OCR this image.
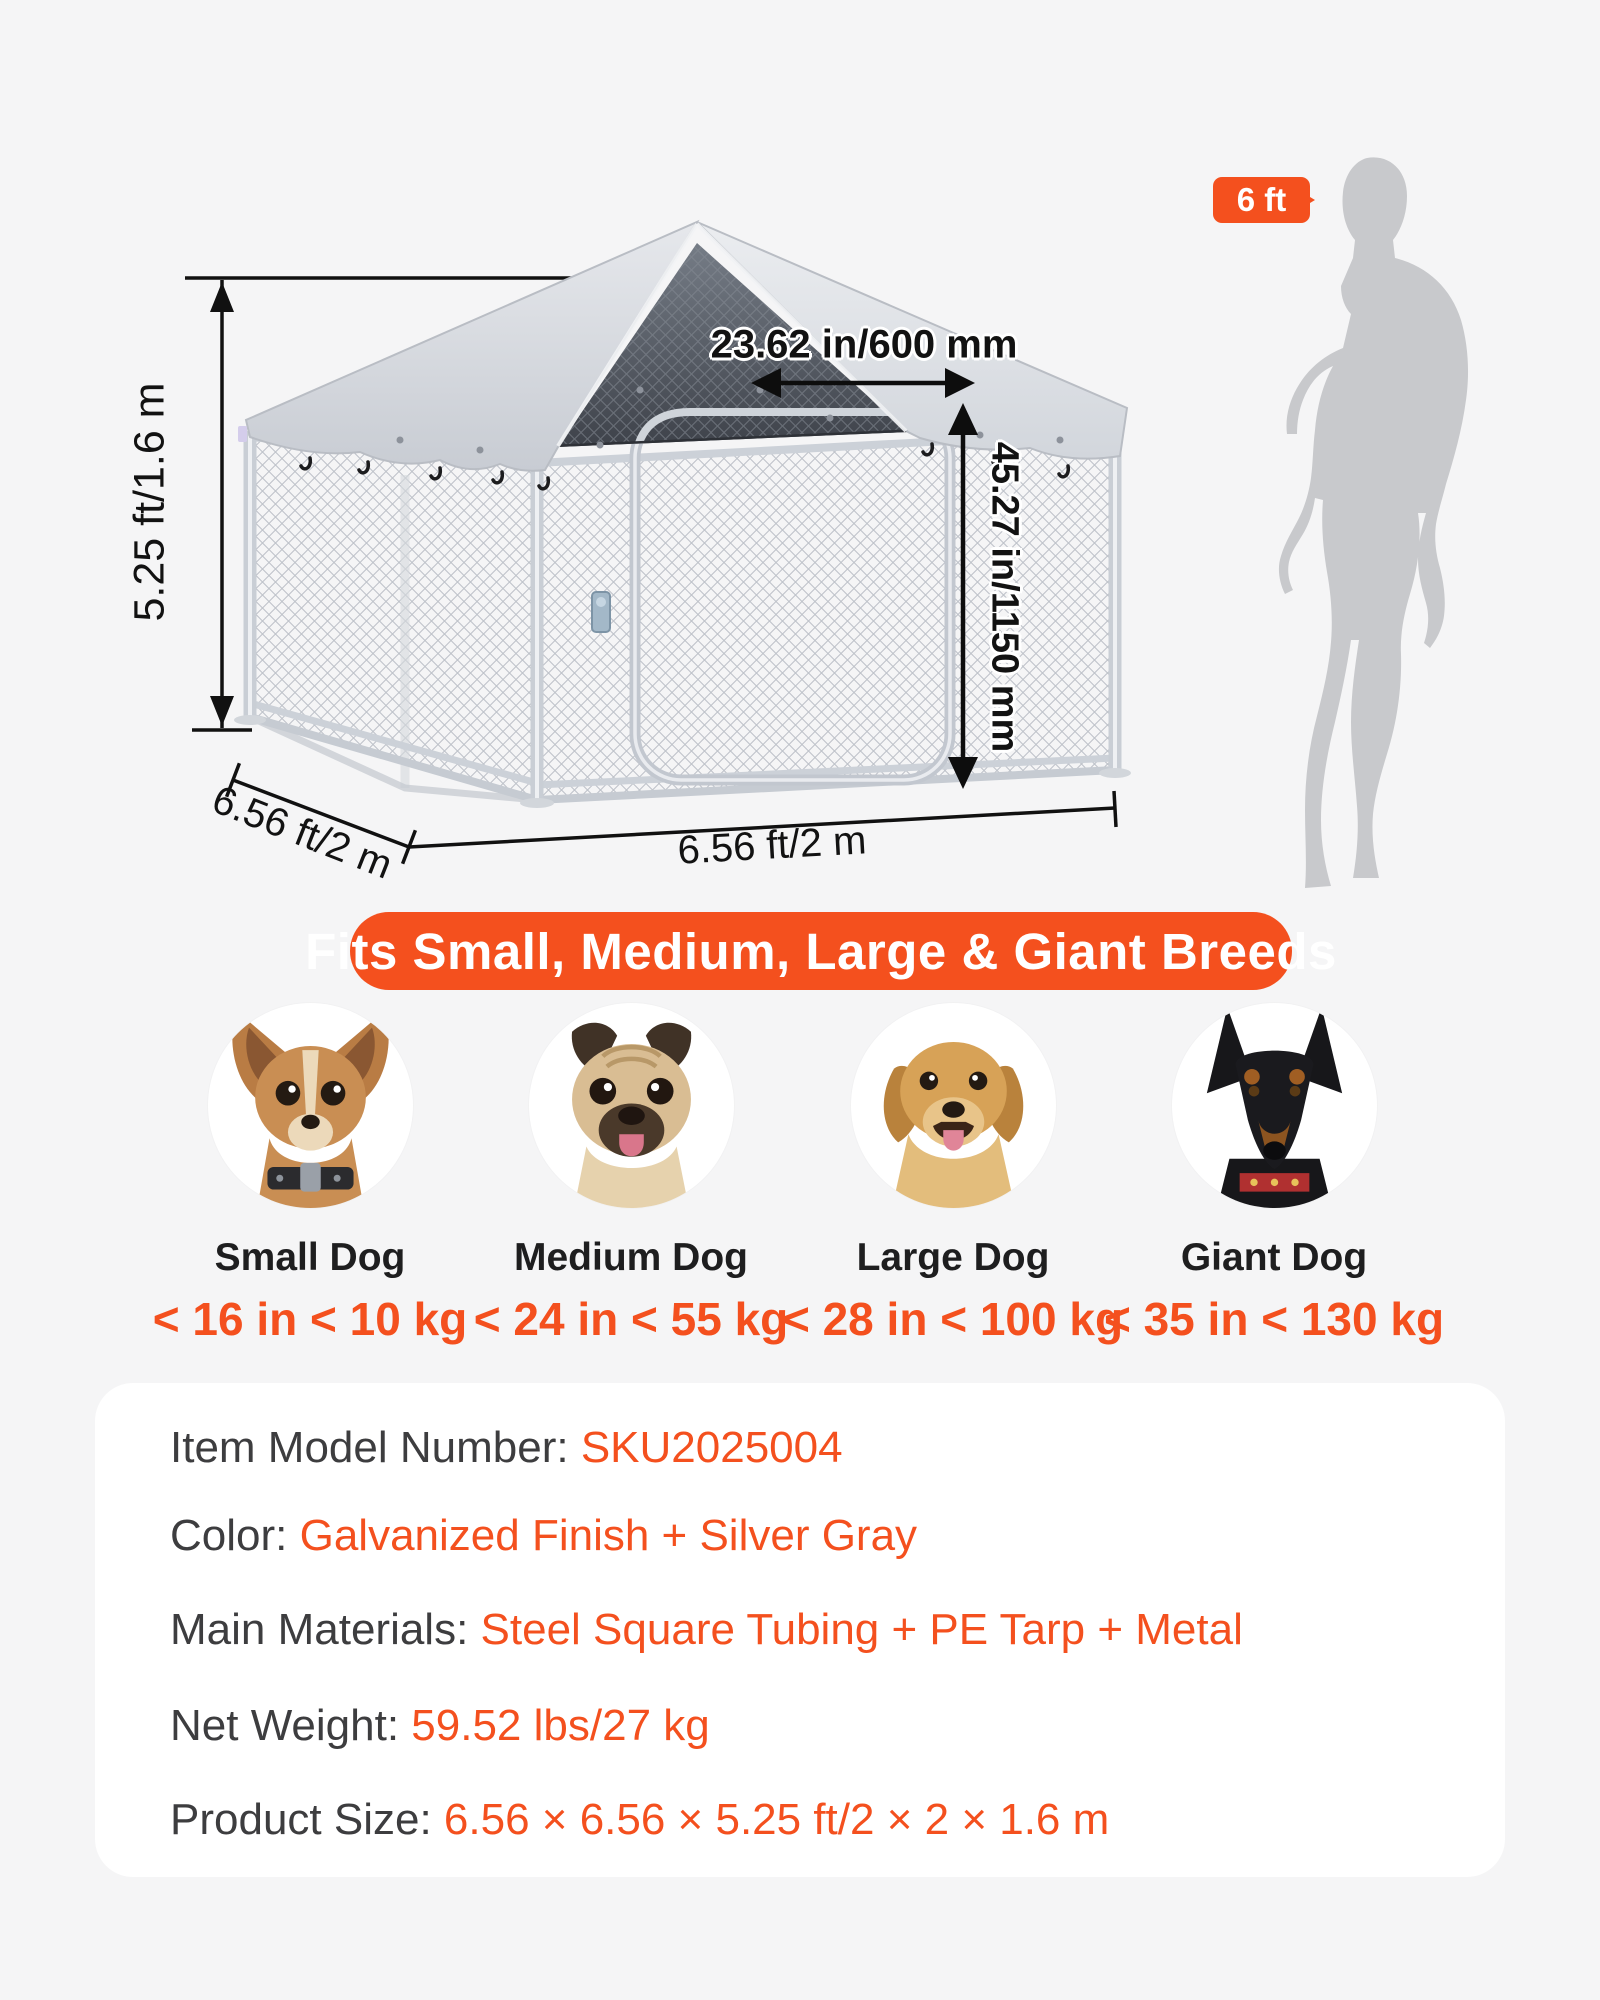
6 ft
5.25 ft/1.6 m
23.62 in/600 mm
45.27 in/1150 mm
6.56 ft/2 m	6.56 ft/2 m
Fits Small, Medium, Large & Giant Breeds
Small Dog
< 16 in < 10 kg
Medium Dog
< 24 in < 55 kg
Large Dog
< 28 in < 100 kg
Giant Dog
< 35 in < 130 kg
Item Model Number: SKU2025004
Color: Galvanized Finish + Silver Gray
Main Materials: Steel Square Tubing + PE Tarp + Metal
Net Weight: 59.52 lbs/27 kg
Product Size: 6.56 × 6.56 × 5.25 ft/2 × 2 × 1.6 m
